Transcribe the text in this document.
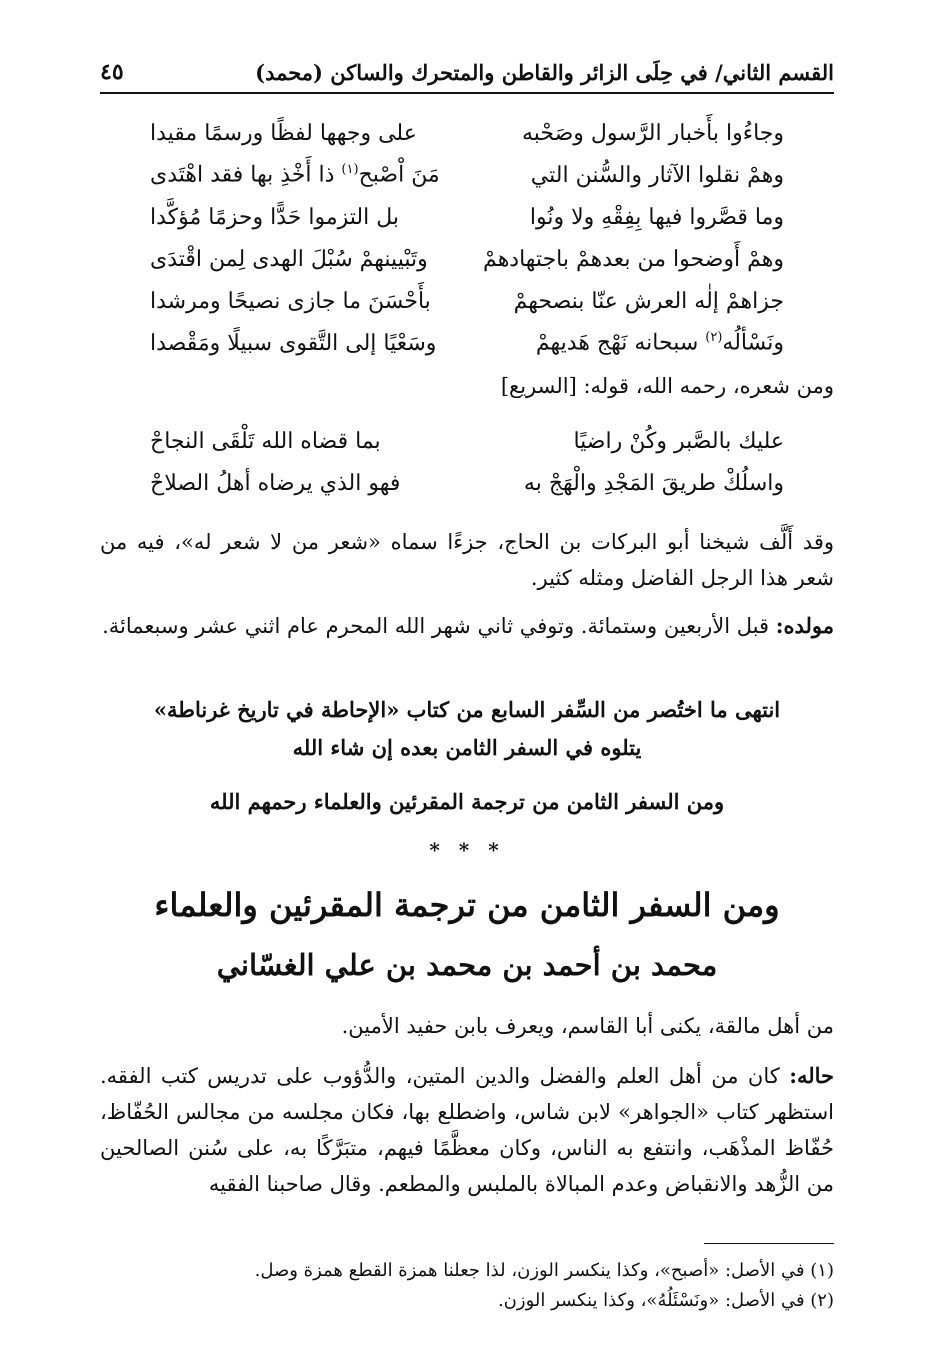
القسم الثاني/ في حِلَى الزائر والقاطن والمتحرك والساكن (محمد)
٤٥
وجاءُوا بأَخبار الرَّسول وصَحْبه
على وجهها لفظًا ورسمًا مقيدا
وهمْ نقلوا الآثار والسُّنن التي
مَنَ اْصْبح$^{(١)}$ ذا أَخْذِ بها فقد اهْتَدى
وما قصَّروا فيها بِفِقْهِ ولا ونُوا
بل التزموا حَدًّا وحزمًا مُؤكَّدا
وهمْ أَوضحوا من بعدهمْ باجتهادهمْ
وتَبْيينهمْ سُبْلَ الهدى لِمن اقْتدَى
جزاهمْ إلٰه العرش عنّا بنصحهمْ
بأَحْسَنَ ما جازى نصيحًا ومرشدا
ونَسْألُه$^{(٢)}$ سبحانه نَهْج هَديهمْ
وسَعْيًا إلى التَّقوى سبيلًا ومَقْصدا
ومن شعره، رحمه الله، قوله: [السريع]
عليك بالصَّبر وكُنْ راضيًا
بما قضاه الله تَلْقَى النجاحْ
واسلُكْ طريقَ المَجْدِ والْهَجْ به
فهو الذي يرضاه أهلُ الصلاحْ
وقد أَلَّف شيخنا أبو البركات بن الحاج، جزءًا سماه «شعر من لا شعر له»، فيه من شعر هذا الرجل الفاضل ومثله كثير.
مولده: قبل الأربعين وستمائة. وتوفي ثاني شهر الله المحرم عام اثني عشر وسبعمائة.
انتهى ما اختُصر من السِّفر السابع من كتاب «الإحاطة في تاريخ غرناطة»
يتلوه في السفر الثامن بعده إن شاء الله
ومن السفر الثامن من ترجمة المقرئين والعلماء رحمهم الله
* * *
ومن السفر الثامن من ترجمة المقرئين والعلماء
محمد بن أحمد بن محمد بن علي الغسّاني
من أهل مالقة، يكنى أبا القاسم، ويعرف بابن حفيد الأمين.
حاله: كان من أهل العلم والفضل والدين المتين، والدُّؤوب على تدريس كتب الفقه. استظهر كتاب «الجواهر» لابن شاس، واضطلع بها، فكان مجلسه من مجالس الحُفّاظ، حُفّاظ المذْهَب، وانتفع به الناس، وكان معظَّمًا فيهم، متبَرَّكًا به، على سُنن الصالحين من الزُّهد والانقباض وعدم المبالاة بالملبس والمطعم. وقال صاحبنا الفقيه
(١) في الأصل: «أصبح»، وكذا ينكسر الوزن، لذا جعلنا همزة القطع همزة وصل.
(٢) في الأصل: «ونَسْئَلُهُ»، وكذا ينكسر الوزن.
